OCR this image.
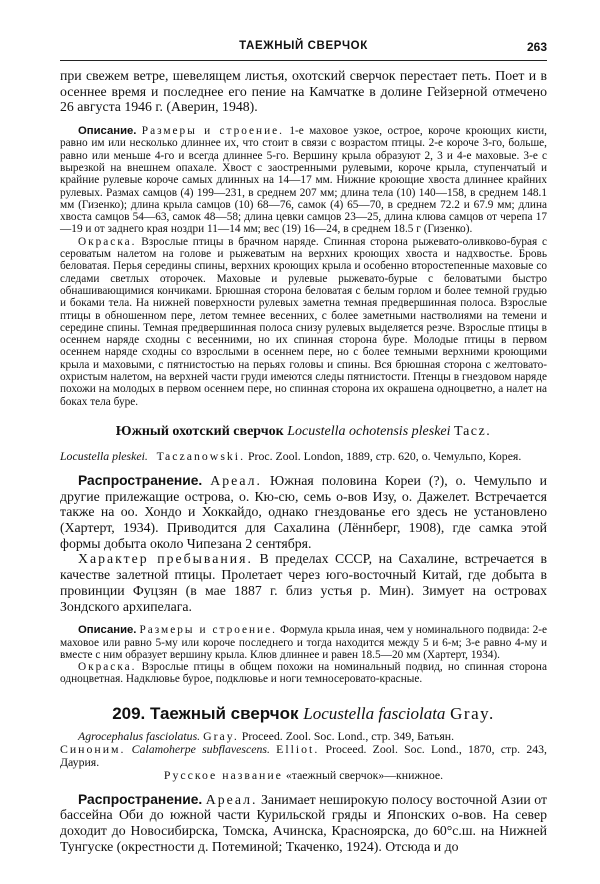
ТАЕЖНЫЙ СВЕРЧОК	263

при свежем ветре, шевелящем листья, охотский сверчок перестает петь. Поет и в осеннее время и последнее его пение на Камчатке в долине Гейзерной отмечено 26 августа 1946 г. (Аверин, 1948).

Описание. Размеры и строение. 1-е маховое узкое, острое, короче кроющих кисти, равно им или несколько длиннее их, что стоит в связи с возрастом птицы. 2-е короче 3-го, больше, равно или меньше 4-го и всегда длиннее 5-го. Вершину крыла образуют 2, 3 и 4-е маховые. 3-е с вырезкой на внешнем опахале. Хвост с заостренными рулевыми, короче крыла, ступенчатый и крайние рулевые короче самых длинных на 14—17 мм. Нижние кроющие хвоста длиннее крайних рулевых. Размах самцов (4) 199—231, в среднем 207 мм; длина тела (10) 140—158, в среднем 148.1 мм (Гизенко); длина крыла самцов (10) 68—76, самок (4) 65—70, в среднем 72.2 и 67.9 мм; длина хвоста самцов 54—63, самок 48—58; длина цевки самцов 23—25, длина клюва самцов от черепа 17—19 и от заднего края ноздри 11—14 мм; вес (19) 16—24, в среднем 18.5 г (Гизенко).

Окраска. Взрослые птицы в брачном наряде. Спинная сторона рыжевато-оливково-бурая с сероватым налетом на голове и рыжеватым на верхних кроющих хвоста и надхвостье. Бровь беловатая. Перья середины спины, верхних кроющих крыла и особенно второстепенные маховые со следами светлых оторочек. Маховые и рулевые рыжевато-бурые с беловатыми быстро обнашивающимися кончиками. Брюшная сторона беловатая с белым горлом и более темной грудью и боками тела. На нижней поверхности рулевых заметна темная предвершинная полоса. Взрослые птицы в обношенном пере, летом темнее весенних, с более заметными настволиями на темени и середине спины. Темная предвершинная полоса снизу рулевых выделяется резче. Взрослые птицы в осеннем наряде сходны с весенними, но их спинная сторона буре. Молодые птицы в первом осеннем наряде сходны со взрослыми в осеннем пере, но с более темными верхними кроющими крыла и маховыми, с пятнистостью на перьях головы и спины. Вся брюшная сторона с желтовато-охристым налетом, на верхней части груди имеются следы пятнистости. Птенцы в гнездовом наряде похожи на молодых в первом осеннем пере, но спинная сторона их окрашена одноцветно, а налет на боках тела буре.

Южный охотский сверчок Locustella ochotensis pleskei Tacz.

Locustella pleskei. Taczanowski. Proc. Zool. London, 1889, стр. 620, о. Чемульпо, Корея.

Распространение. Ареал. Южная половина Кореи (?), о. Чемульпо и другие прилежащие острова, о. Кю-сю, семь о-вов Изу, о. Дажелет. Встречается также на оо. Хондо и Хоккайдо, однако гнездованье его здесь не установлено (Хартерт, 1934). Приводится для Сахалина (Лённберг, 1908), где самка этой формы добыта около Чипезана 2 сентября.

Характер пребывания. В пределах СССР, на Сахалине, встречается в качестве залетной птицы. Пролетает через юго-восточный Китай, где добыта в провинции Фуцзян (в мае 1887 г. близ устья р. Мин). Зимует на островах Зондского архипелага.

Описание. Размеры и строение. Формула крыла иная, чем у номинального подвида: 2-е маховое или равно 5-му или короче последнего и тогда находится между 5 и 6-м; 3-е равно 4-му и вместе с ним образует вершину крыла. Клюв длиннее и равен 18.5—20 мм (Хартерт, 1934).

Окраска. Взрослые птицы в общем похожи на номинальный подвид, но спинная сторона одноцветная. Надклювье бурое, подклювье и ноги темносеровато-красные.

209. Таежный сверчок Locustella fasciolata Gray.

Agrocephalus fasciolatus. Gray. Proceed. Zool. Soc. Lond., стр. 349, Батьян.

Синоним. Calamoherpe subflavescens. Elliot. Proceed. Zool. Soc. Lond., 1870, стр. 243, Даурия.

Русское название «таежный сверчок»—книжное.

Распространение. Ареал. Занимает неширокую полосу восточной Азии от бассейна Оби до южной части Курильской гряды и Японских о-вов. На север доходит до Новосибирска, Томска, Ачинска, Красноярска, до 60°с.ш. на Нижней Тунгуске (окрестности д. Потеминой; Ткаченко, 1924). Отсюда и до
